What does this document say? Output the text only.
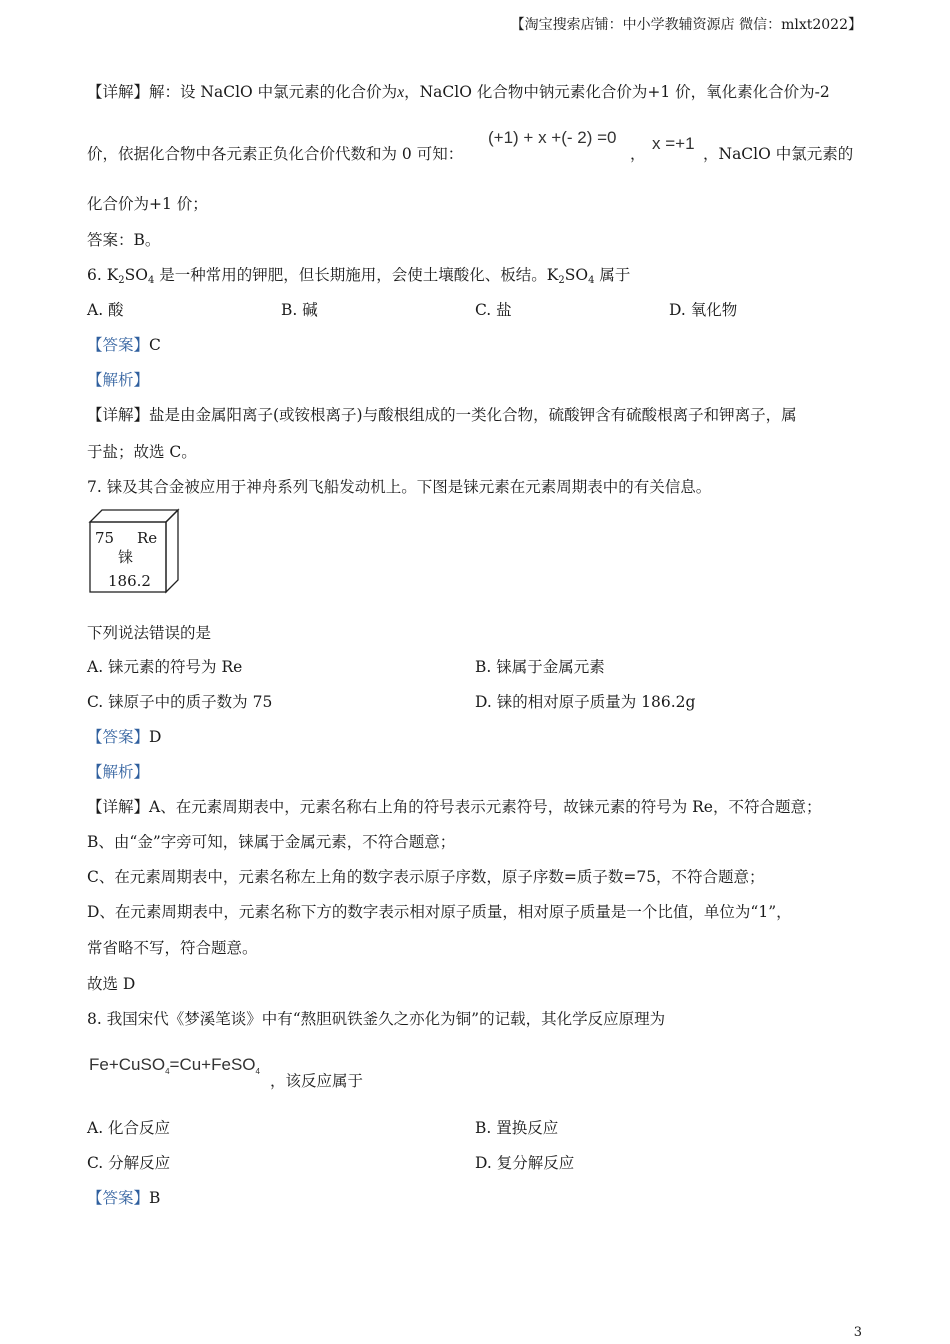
【淘宝搜索店铺：中小学教辅资源店 微信：mlxt2022】
【详解】解：设 NaClO 中氯元素的化合价为x，NaClO 化合物中钠元素化合价为+1 价，氧化素化合价为-2
价，依据化合物中各元素正负化合价代数和为 0 可知：
(+1) + x +(- 2) =0
，
x =+1
，NaClO 中氯元素的
化合价为+1 价；
答案：B。
6. $K_2SO_4$ 是一种常用的钾肥，但长期施用，会使土壤酸化、板结。$K_2SO_4$ 属于
A. 酸	B. 碱	C. 盐	D. 氧化物
【答案】C
【解析】
【详解】盐是由金属阳离子(或铵根离子)与酸根组成的一类化合物，硫酸钾含有硫酸根离子和钾离子，属
于盐；故选 C。
7. 铼及其合金被应用于神舟系列飞船发动机上。下图是铼元素在元素周期表中的有关信息。
75 Re
铼
186.2
下列说法错误的是
A. 铼元素的符号为 Re	B. 铼属于金属元素
C. 铼原子中的质子数为 75	D. 铼的相对原子质量为 186.2g
【答案】D
【解析】
【详解】A、在元素周期表中，元素名称右上角的符号表示元素符号，故铼元素的符号为 Re，不符合题意；
B、由“金”字旁可知，铼属于金属元素，不符合题意；
C、在元素周期表中，元素名称左上角的数字表示原子序数，原子序数=质子数=75，不符合题意；
D、在元素周期表中，元素名称下方的数字表示相对原子质量，相对原子质量是一个比值，单位为“1”，
常省略不写，符合题意。
故选 D
8. 我国宋代《梦溪笔谈》中有“熬胆矾铁釜久之亦化为铜”的记载，其化学反应原理为
Fe+CuSO$_4$=Cu+FeSO$_4$
，该反应属于
A. 化合反应	B. 置换反应
C. 分解反应	D. 复分解反应
【答案】B
3
